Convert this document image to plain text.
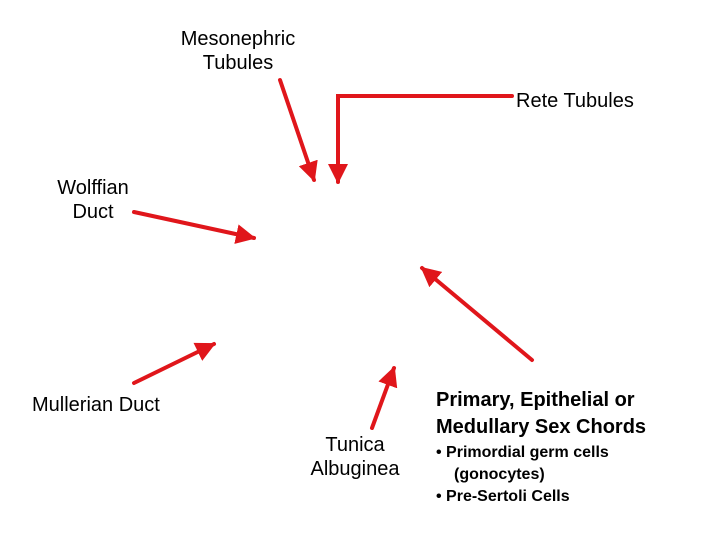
Mesonephric
Tubules
Rete Tubules
Wolffian
Duct
Mullerian Duct
Tunica
Albuginea
Primary, Epithelial or
Medullary Sex Chords
• Primordial germ cells
(gonocytes)
• Pre-Sertoli Cells
